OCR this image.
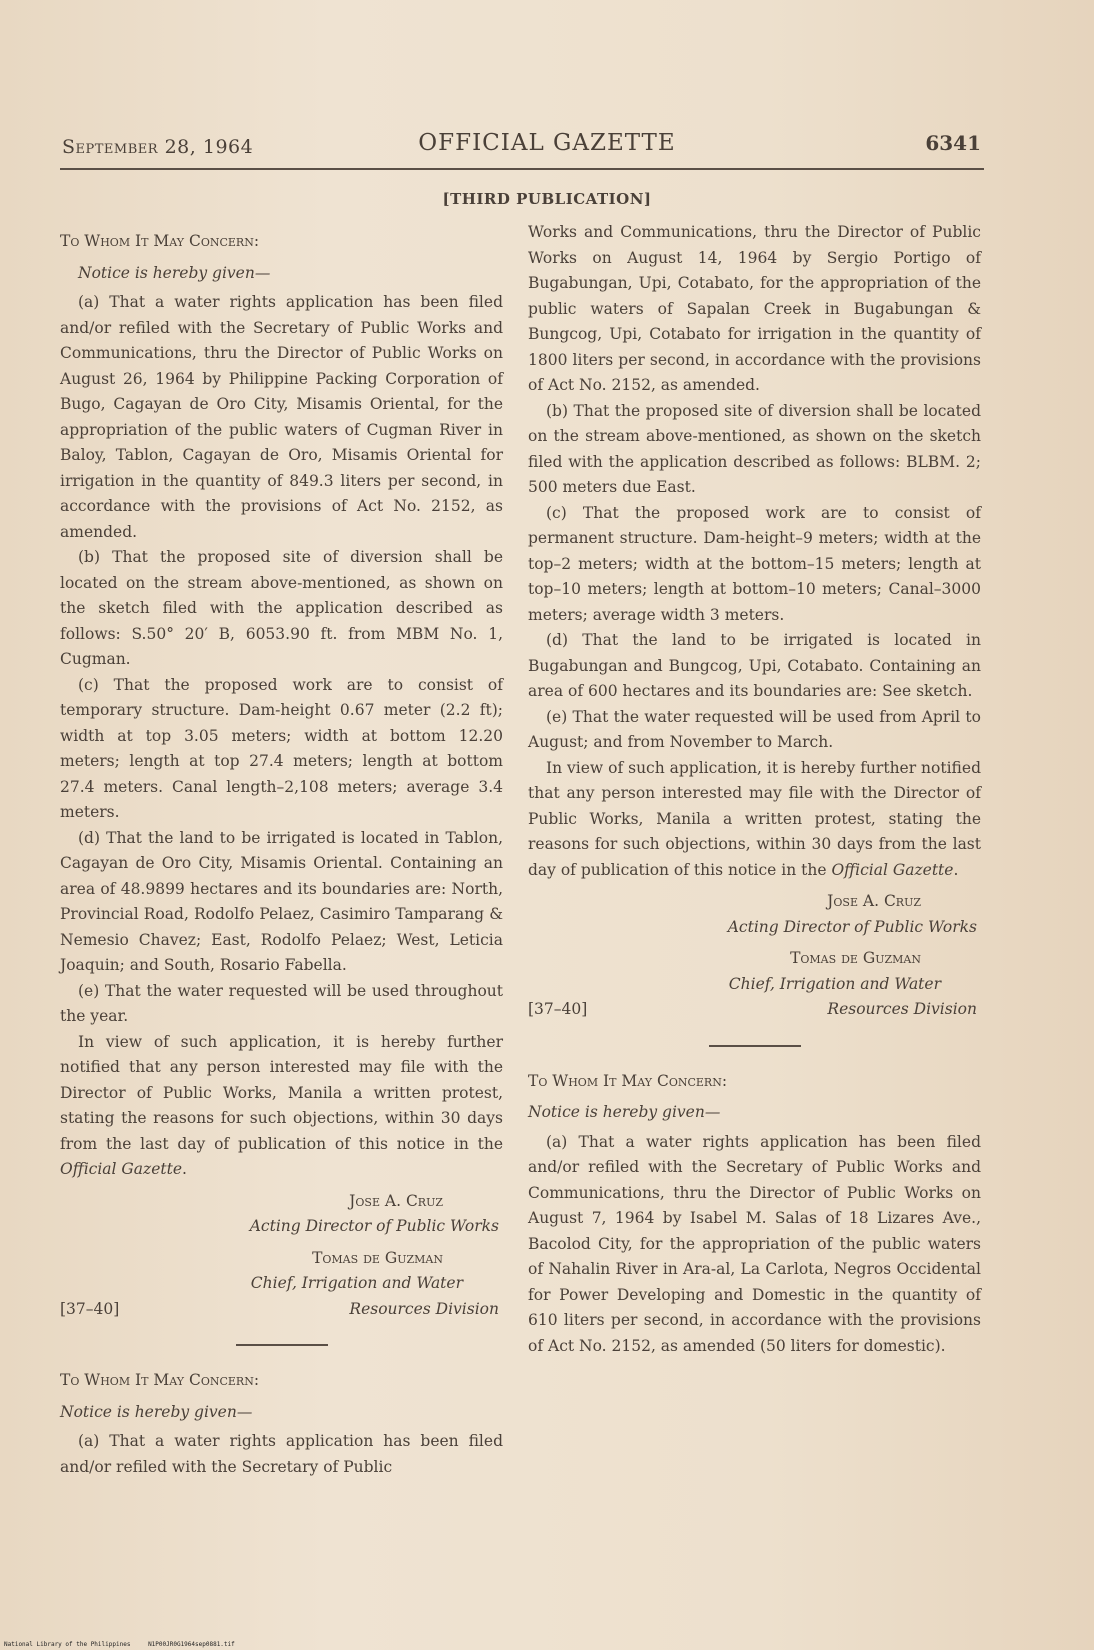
September 28, 1964	OFFICIAL GAZETTE	6341
[THIRD PUBLICATION]

To Whom It May Concern:

Notice is hereby given—

(a) That a water rights application has been filed and/or refiled with the Secretary of Public Works and Communications, thru the Director of Public Works on August 26, 1964 by Philippine Packing Corporation of Bugo, Cagayan de Oro City, Misamis Oriental, for the appropriation of the public waters of Cugman River in Baloy, Tablon, Cagayan de Oro, Misamis Oriental for irrigation in the quantity of 849.3 liters per second, in accordance with the provisions of Act No. 2152, as amended.

(b) That the proposed site of diversion shall be located on the stream above-mentioned, as shown on the sketch filed with the application described as follows: S.50° 20′ B, 6053.90 ft. from MBM No. 1, Cugman.

(c) That the proposed work are to consist of temporary structure. Dam-height 0.67 meter (2.2 ft); width at top 3.05 meters; width at bottom 12.20 meters; length at top 27.4 meters; length at bottom 27.4 meters. Canal length–2,108 meters; average 3.4 meters.

(d) That the land to be irrigated is located in Tablon, Cagayan de Oro City, Misamis Oriental. Containing an area of 48.9899 hectares and its boundaries are: North, Provincial Road, Rodolfo Pelaez, Casimiro Tamparang & Nemesio Chavez; East, Rodolfo Pelaez; West, Leticia Joaquin; and South, Rosario Fabella.

(e) That the water requested will be used throughout the year.

In view of such application, it is hereby further notified that any person interested may file with the Director of Public Works, Manila a written protest, stating the reasons for such objections, within 30 days from the last day of publication of this notice in the Official Gazette.

Jose A. Cruz

Acting Director of Public Works

Tomas de Guzman

Chief, Irrigation and Water

[37–40]	Resources Division

To Whom It May Concern:

Notice is hereby given—

(a) That a water rights application has been filed and/or refiled with the Secretary of Public

Works and Communications, thru the Director of Public Works on August 14, 1964 by Sergio Portigo of Bugabungan, Upi, Cotabato, for the appropriation of the public waters of Sapalan Creek in Bugabungan & Bungcog, Upi, Cotabato for irrigation in the quantity of 1800 liters per second, in accordance with the provisions of Act No. 2152, as amended.

(b) That the proposed site of diversion shall be located on the stream above-mentioned, as shown on the sketch filed with the application described as follows: BLBM. 2; 500 meters due East.

(c) That the proposed work are to consist of permanent structure. Dam-height–9 meters; width at the top–2 meters; width at the bottom–15 meters; length at top–10 meters; length at bottom–10 meters; Canal–3000 meters; average width 3 meters.

(d) That the land to be irrigated is located in Bugabungan and Bungcog, Upi, Cotabato. Containing an area of 600 hectares and its boundaries are: See sketch.

(e) That the water requested will be used from April to August; and from November to March.

In view of such application, it is hereby further notified that any person interested may file with the Director of Public Works, Manila a written protest, stating the reasons for such objections, within 30 days from the last day of publication of this notice in the Official Gazette.

Jose A. Cruz

Acting Director of Public Works

Tomas de Guzman

Chief, Irrigation and Water

[37–40]	Resources Division

To Whom It May Concern:

Notice is hereby given—

(a) That a water rights application has been filed and/or refiled with the Secretary of Public Works and Communications, thru the Director of Public Works on August 7, 1964 by Isabel M. Salas of 18 Lizares Ave., Bacolod City, for the appropriation of the public waters of Nahalin River in Ara-al, La Carlota, Negros Occidental for Power Developing and Domestic in the quantity of 610 liters per second, in accordance with the provisions of Act No. 2152, as amended (50 liters for domestic).

National Library of the Philippines	N1P00JR0G1964sep0881.tif
